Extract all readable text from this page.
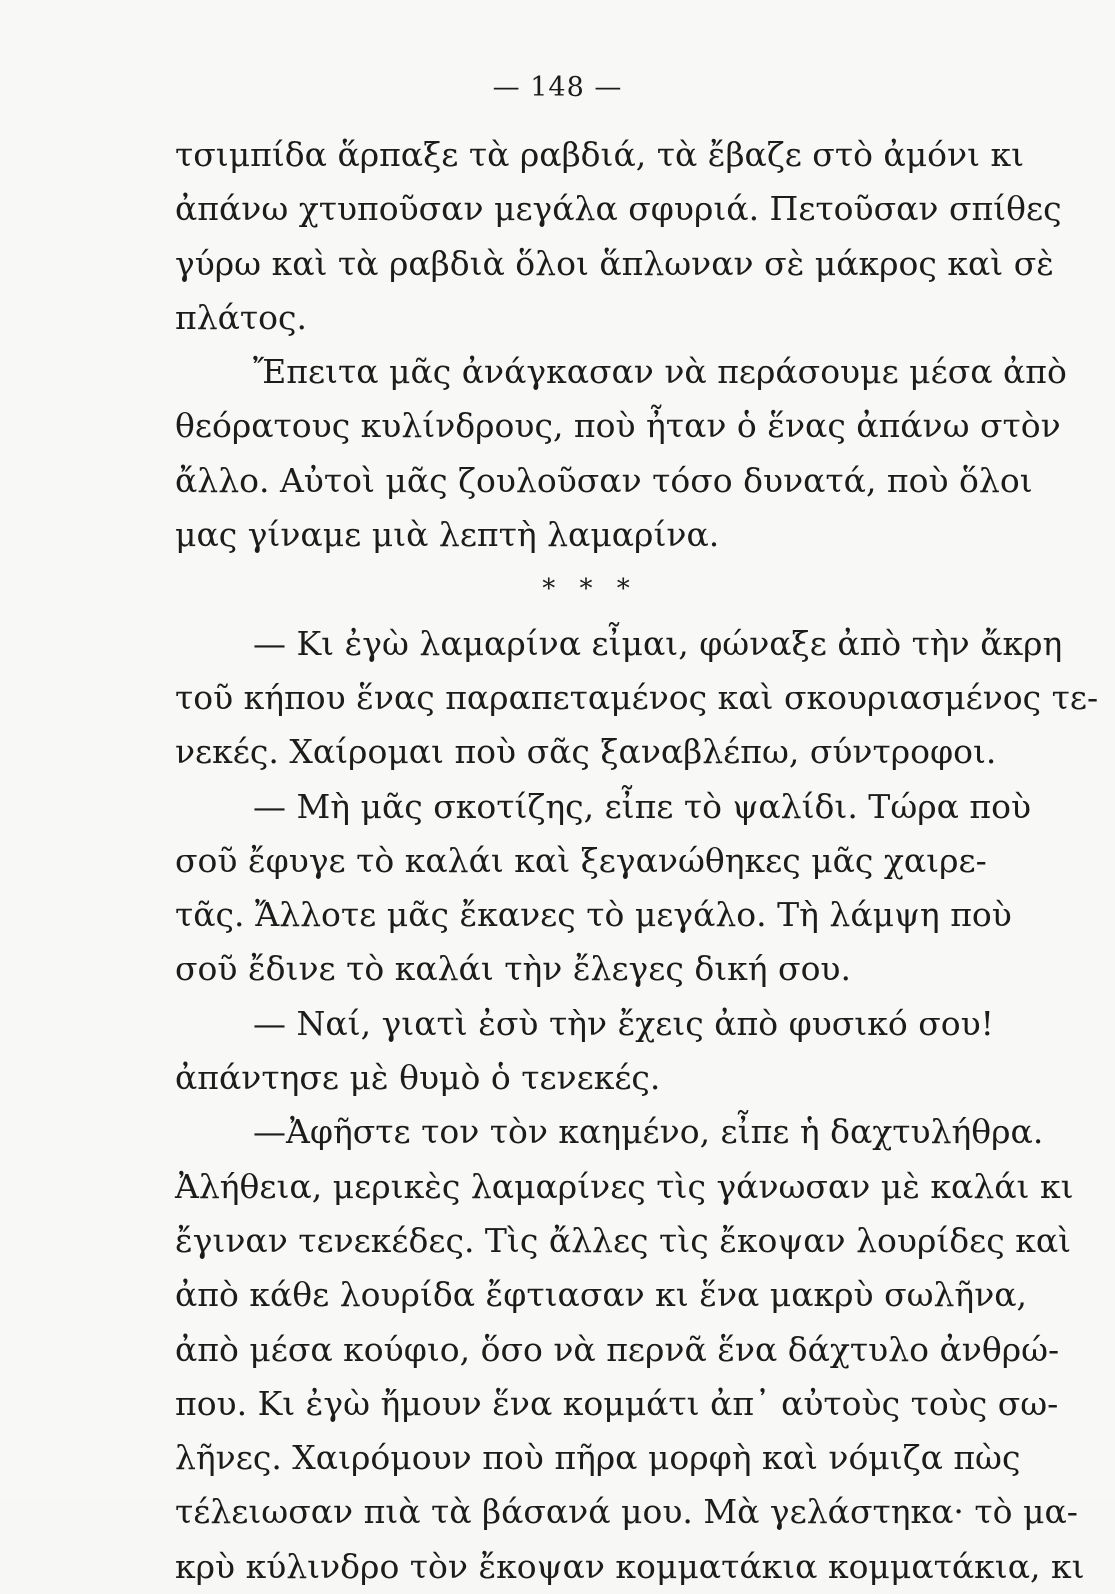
— 148 —
τσιμπίδα ἅρπαξε τὰ ραβδιά, τὰ ἔβαζε στὸ ἀμόνι κι
ἀπάνω χτυποῦσαν μεγάλα σφυριά. Πετοῦσαν σπίθες
γύρω καὶ τὰ ραβδιὰ ὅλοι ἅπλωναν σὲ μάκρος καὶ σὲ
πλάτος.
Ἔπειτα μᾶς ἀνάγκασαν νὰ περάσουμε μέσα ἀπὸ
θεόρατους κυλίνδρους, ποὺ ἦταν ὁ ἕνας ἀπάνω στὸν
ἄλλο. Αὐτοὶ μᾶς ζουλοῦσαν τόσο δυνατά, ποὺ ὅλοι
μας γίναμε μιὰ λεπτὴ λαμαρίνα.
* * *
— Κι ἐγὼ λαμαρίνα εἶμαι, φώναξε ἀπὸ τὴν ἄκρη
τοῦ κήπου ἕνας παραπεταμένος καὶ σκουριασμένος τε-
νεκές. Χαίρομαι ποὺ σᾶς ξαναβλέπω, σύντροφοι.
— Μὴ μᾶς σκοτίζης, εἶπε τὸ ψαλίδι. Τώρα ποὺ
σοῦ ἔφυγε τὸ καλάι καὶ ξεγανώθηκες μᾶς χαιρε-
τᾶς. Ἄλλοτε μᾶς ἔκανες τὸ μεγάλο. Τὴ λάμψη ποὺ
σοῦ ἔδινε τὸ καλάι τὴν ἔλεγες δική σου.
— Ναί, γιατὶ ἐσὺ τὴν ἔχεις ἀπὸ φυσικό σου!
ἀπάντησε μὲ θυμὸ ὁ τενεκές.
—Ἀφῆστε τον τὸν καημένο, εἶπε ἡ δαχτυλήθρα.
Ἀλήθεια, μερικὲς λαμαρίνες τὶς γάνωσαν μὲ καλάι κι
ἔγιναν τενεκέδες. Τὶς ἄλλες τὶς ἔκοψαν λουρίδες καὶ
ἀπὸ κάθε λουρίδα ἔφτιασαν κι ἕνα μακρὺ σωλῆνα,
ἀπὸ μέσα κούφιο, ὅσο νὰ περνᾶ ἕνα δάχτυλο ἀνθρώ-
που. Κι ἐγὼ ἤμουν ἕνα κομμάτι ἀπ᾽ αὐτοὺς τοὺς σω-
λῆνες. Χαιρόμουν ποὺ πῆρα μορφὴ καὶ νόμιζα πὼς
τέλειωσαν πιὰ τὰ βάσανά μου. Μὰ γελάστηκα· τὸ μα-
κρὺ κύλινδρο τὸν ἔκοψαν κομματάκια κομματάκια, κι
